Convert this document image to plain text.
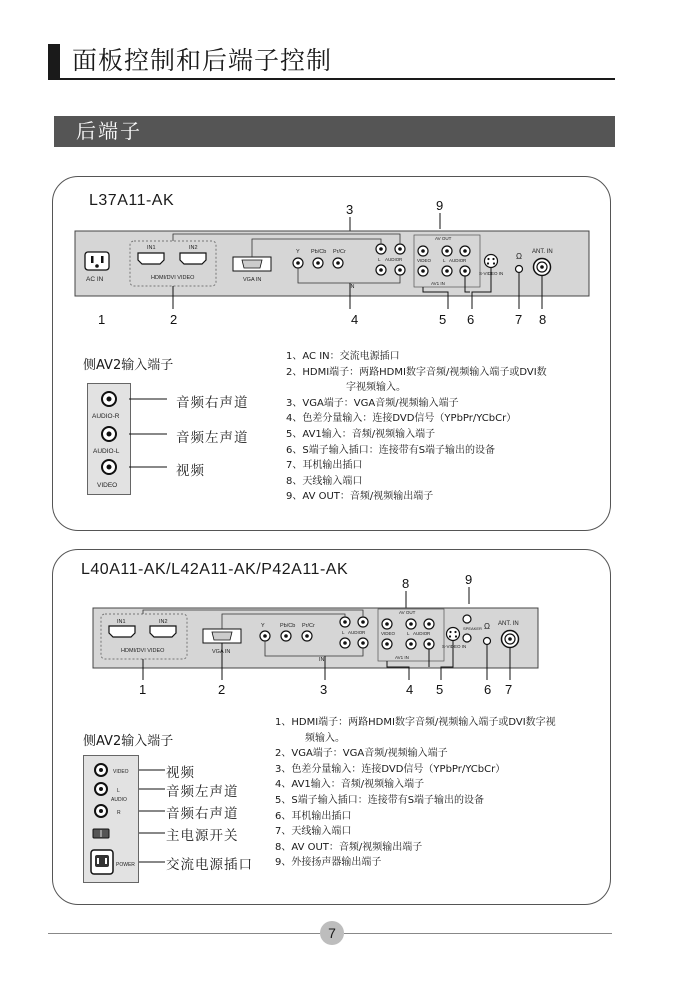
面板控制和后端子控制
后端子
L37A11-AK
3	9
AC IN
IN1	IN2
HDMI/DVI VIDEO	VGA IN
Y Pb/Cb Pr/Cr
L AUDIO R
IN
AV OUT
VIDEO	L AUDIO R
AV1 IN
S-VIDEO IN
Ω ANT. IN
1	2	4	5 6	7 8
侧AV2输入端子
AUDIO-R
AUDIO-L
VIDEO
音频右声道
音频左声道
视频
1、AC IN：交流电源插口
2、HDMI端子：两路HDMI数字音频/视频输入端子或DVI数
字视频输入。
3、VGA端子：VGA音频/视频输入端子
4、色差分量输入：连接DVD信号（YPbPr/YCbCr）
5、AV1输入：音频/视频输入端子
6、S端子输入插口：连接带有S端子输出的设备
7、耳机输出插口
8、天线输入端口
9、AV OUT：音频/视频输出端子
L40A11-AK/L42A11-AK/P42A11-AK
8	9
IN1	IN2
HDMI/DVI VIDEO	VGA IN
Y	Pb/Cb Pr/Cr
L AUDIO R
IN
AV OUT
VIDEO	L AUDIO R
AV1 IN
S-VIDEO IN
SPEAKER Ω ANT. IN
1	2	3	4 5	6 7
侧AV2输入端子
VIDEO
L
AUDIO
R
POWER
视频
音频左声道
音频右声道
主电源开关
交流电源插口
1、HDMI端子：两路HDMI数字音频/视频输入端子或DVI数字视
频输入。
2、VGA端子：VGA音频/视频输入端子
3、色差分量输入：连接DVD信号（YPbPr/YCbCr）
4、AV1输入：音频/视频输入端子
5、S端子输入插口：连接带有S端子输出的设备
6、耳机输出插口
7、天线输入端口
8、AV OUT：音频/视频输出端子
9、外接扬声器输出端子
7
